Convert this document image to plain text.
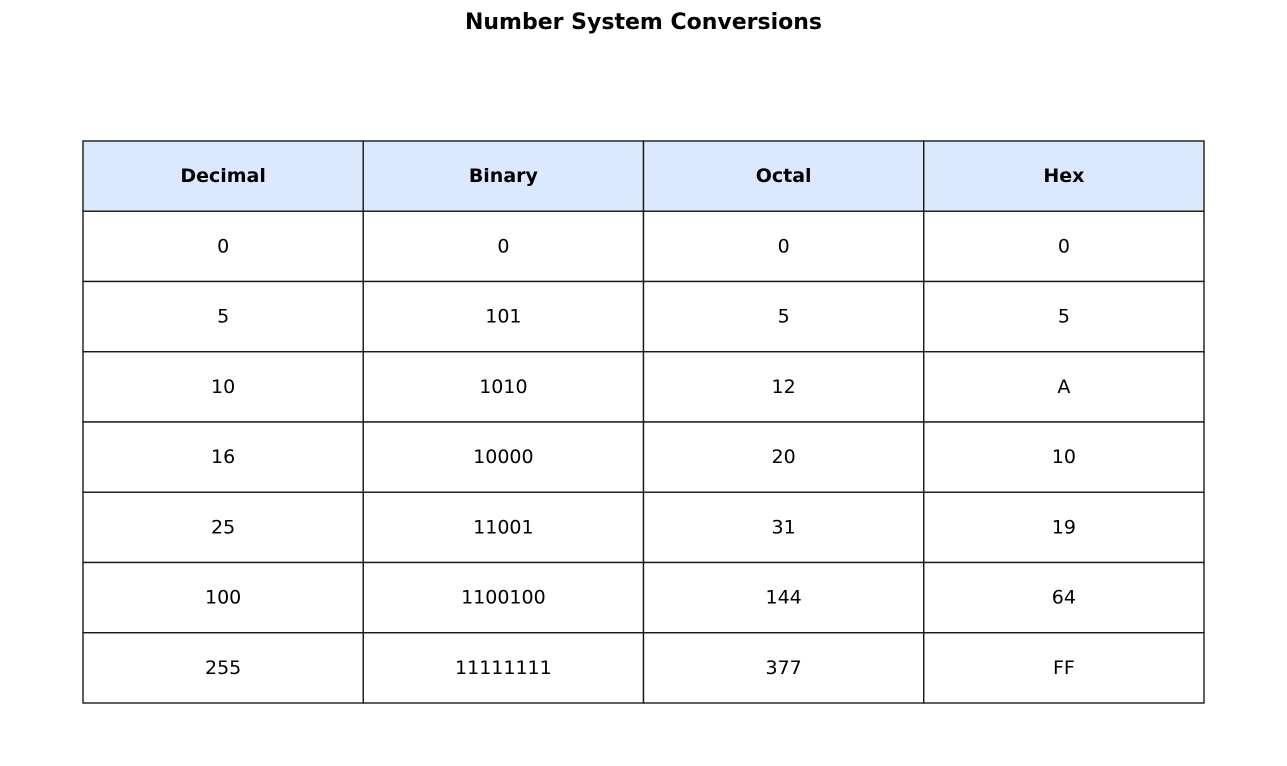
Number System Conversions
Decimal	Binary	Octal	Hex
0	0	0	0
5	101	5	5
10	1010	12	A
16	10000	20	10
25	11001	31	19
100	1100100	144	64
255	11111111	377	FF
